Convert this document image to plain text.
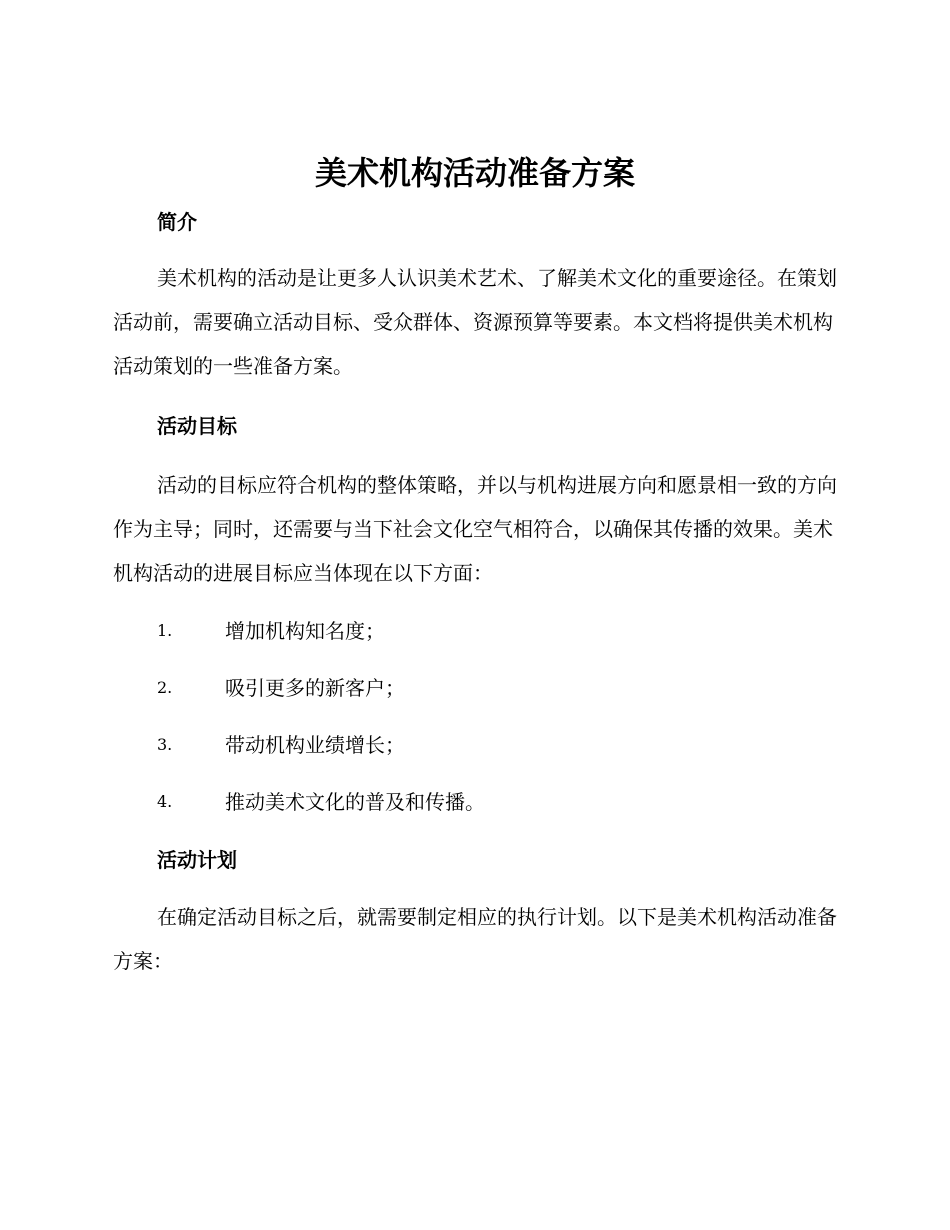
美术机构活动准备方案
简介

美术机构的活动是让更多人认识美术艺术、了解美术文化的重要途径。在策划活动前，需要确立活动目标、受众群体、资源预算等要素。本文档将提供美术机构活动策划的一些准备方案。

活动目标

活动的目标应符合机构的整体策略，并以与机构进展方向和愿景相一致的方向作为主导；同时，还需要与当下社会文化空气相符合，以确保其传播的效果。美术机构活动的进展目标应当体现在以下方面：

1.	增加机构知名度；
2.	吸引更多的新客户；
3.	带动机构业绩增长；
4.	推动美术文化的普及和传播。
活动计划

在确定活动目标之后，就需要制定相应的执行计划。以下是美术机构活动准备方案：
